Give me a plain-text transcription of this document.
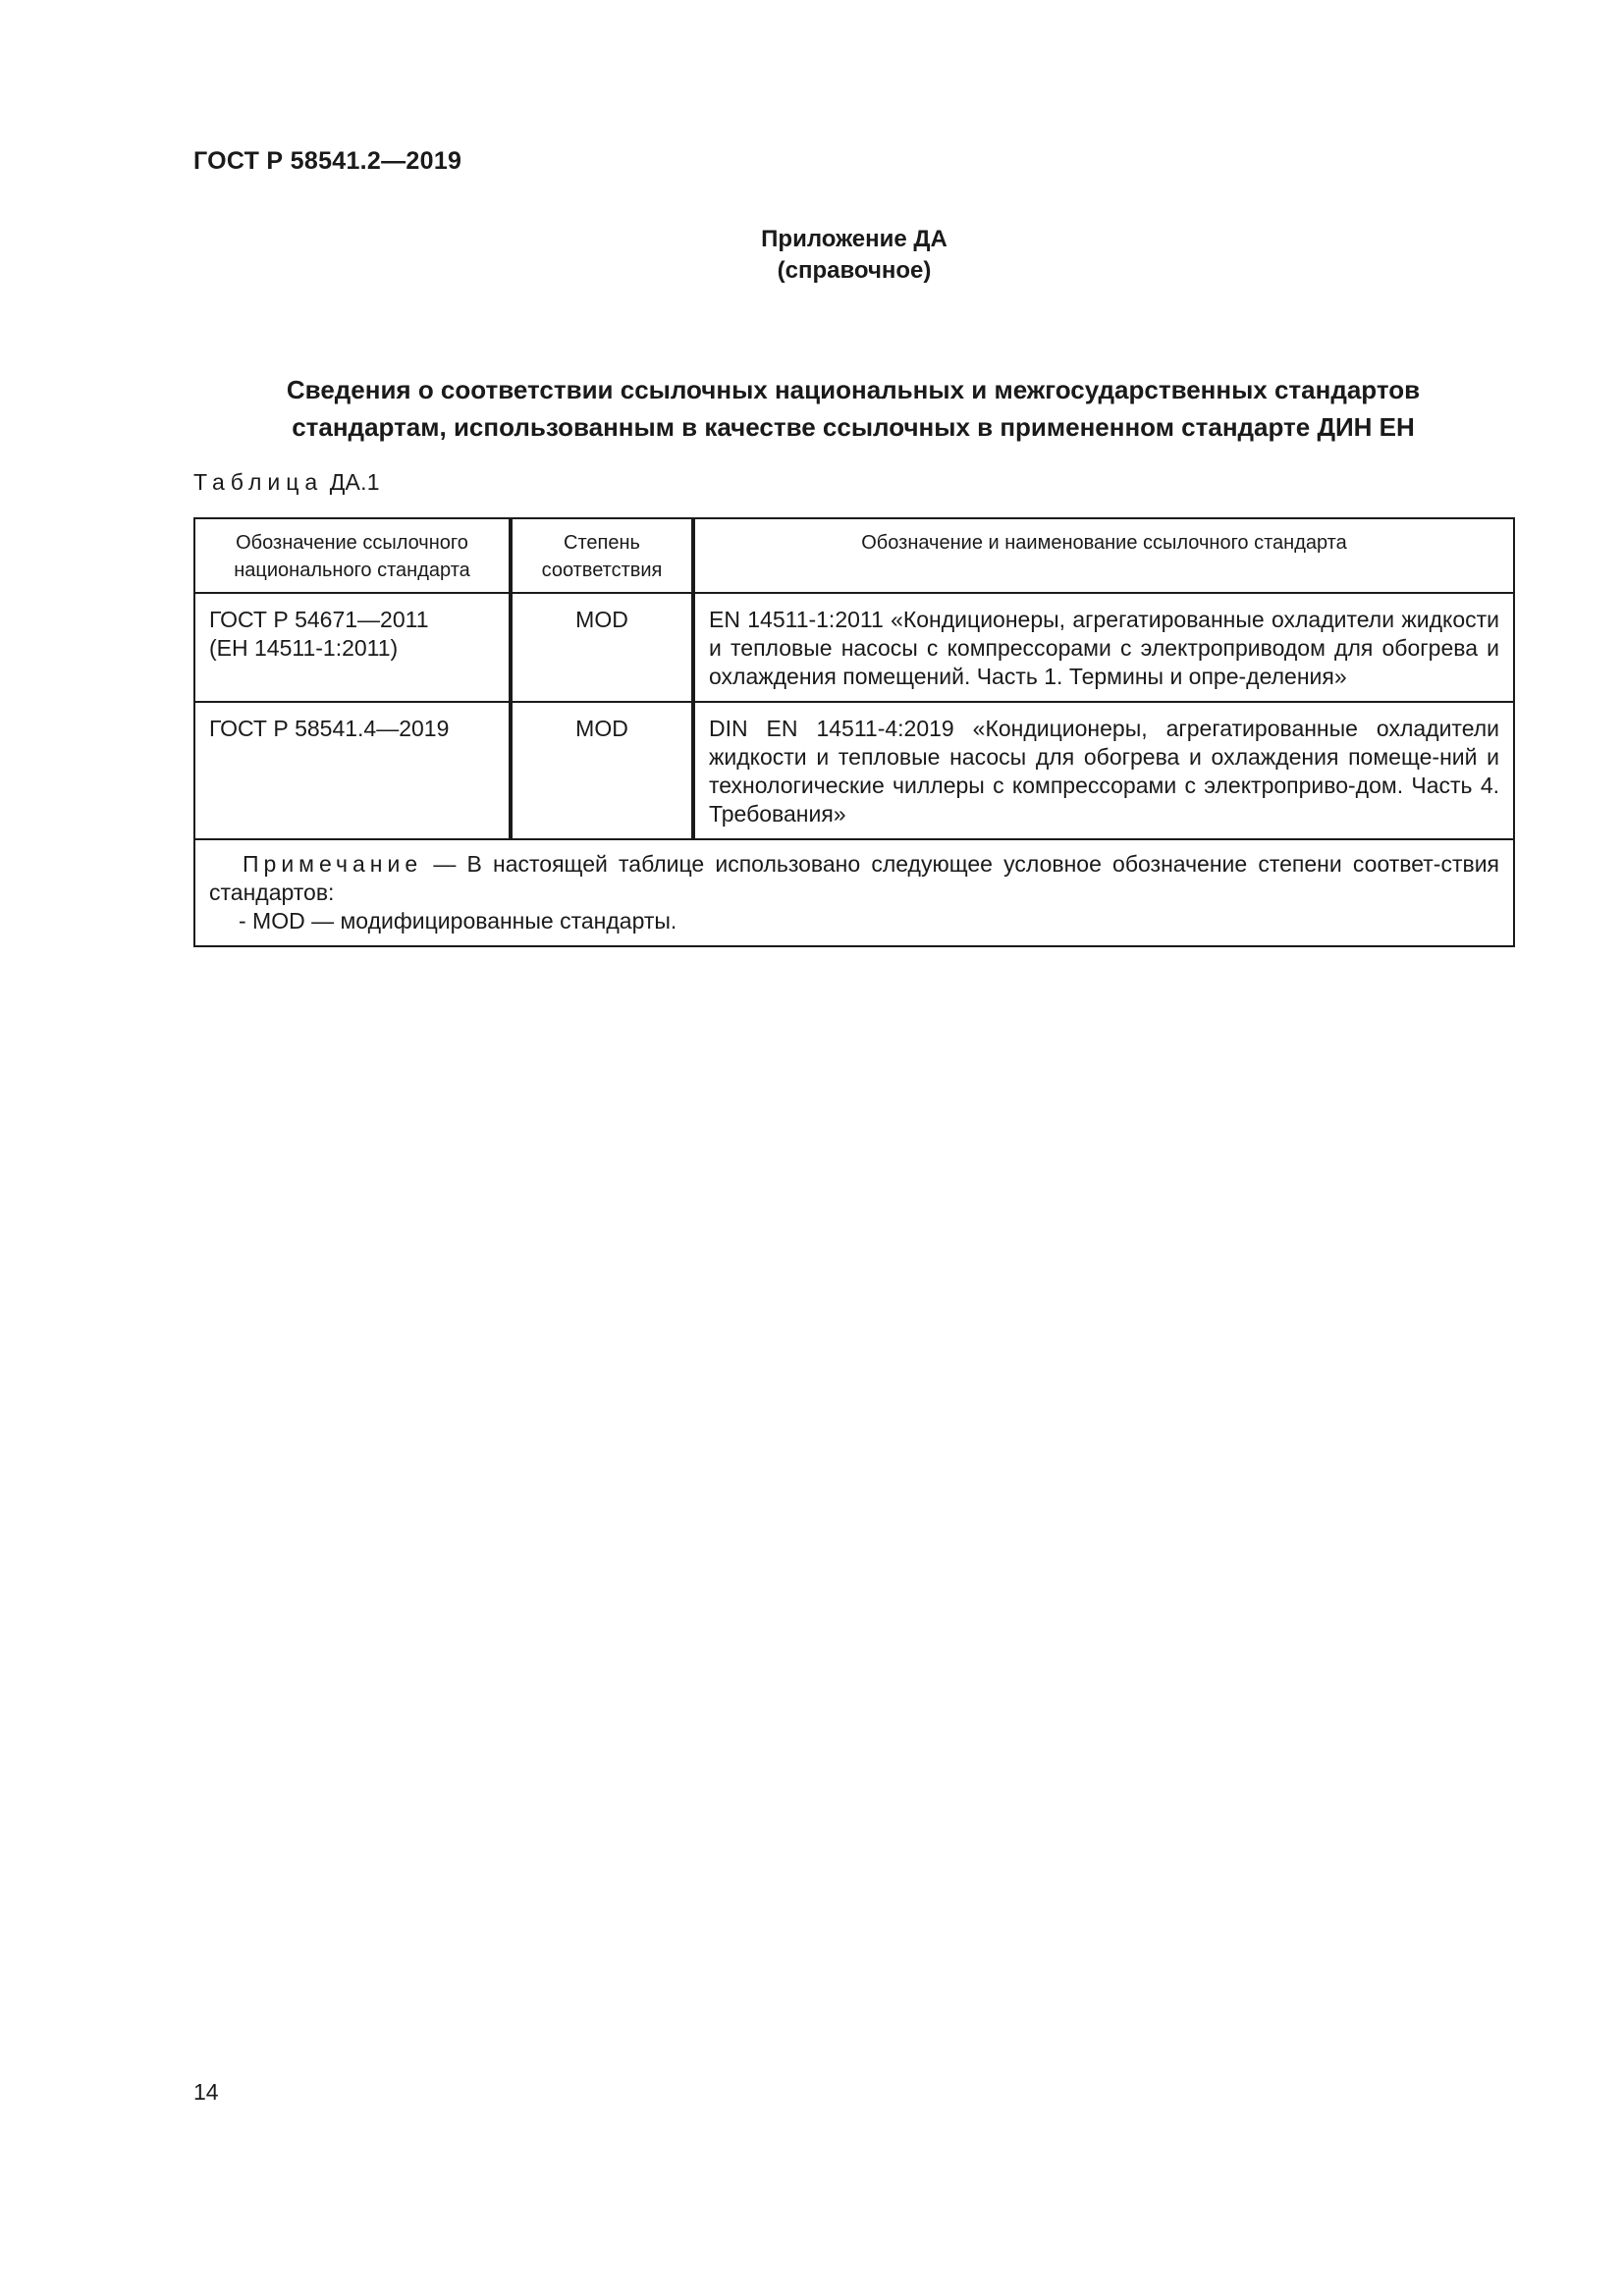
ГОСТ Р 58541.2—2019
Приложение ДА
(справочное)
Сведения о соответствии ссылочных национальных и межгосударственных стандартов
стандартам, использованным в качестве ссылочных в примененном стандарте ДИН ЕН
Таблица ДА.1
Обозначение ссылочного национального стандарта	Степень соответствия	Обозначение и наименование ссылочного стандарта

ГОСТ Р 54671—2011
(ЕН 14511-1:2011)	MOD	EN 14511-1:2011 «Кондиционеры, агрегатированные охладители жидкости и тепловые насосы с компрессорами с электроприводом для обогрева и охлаждения помещений. Часть 1. Термины и опре-деления»

ГОСТ Р 58541.4—2019	MOD	DIN EN 14511-4:2019 «Кондиционеры, агрегатированные охладители жидкости и тепловые насосы для обогрева и охлаждения помеще-ний и технологические чиллеры с компрессорами с электроприво-дом. Часть 4. Требования»
Примечание — В настоящей таблице использовано следующее условное обозначение степени соответ-ствия стандартов:
- MOD — модифицированные стандарты.		
14
